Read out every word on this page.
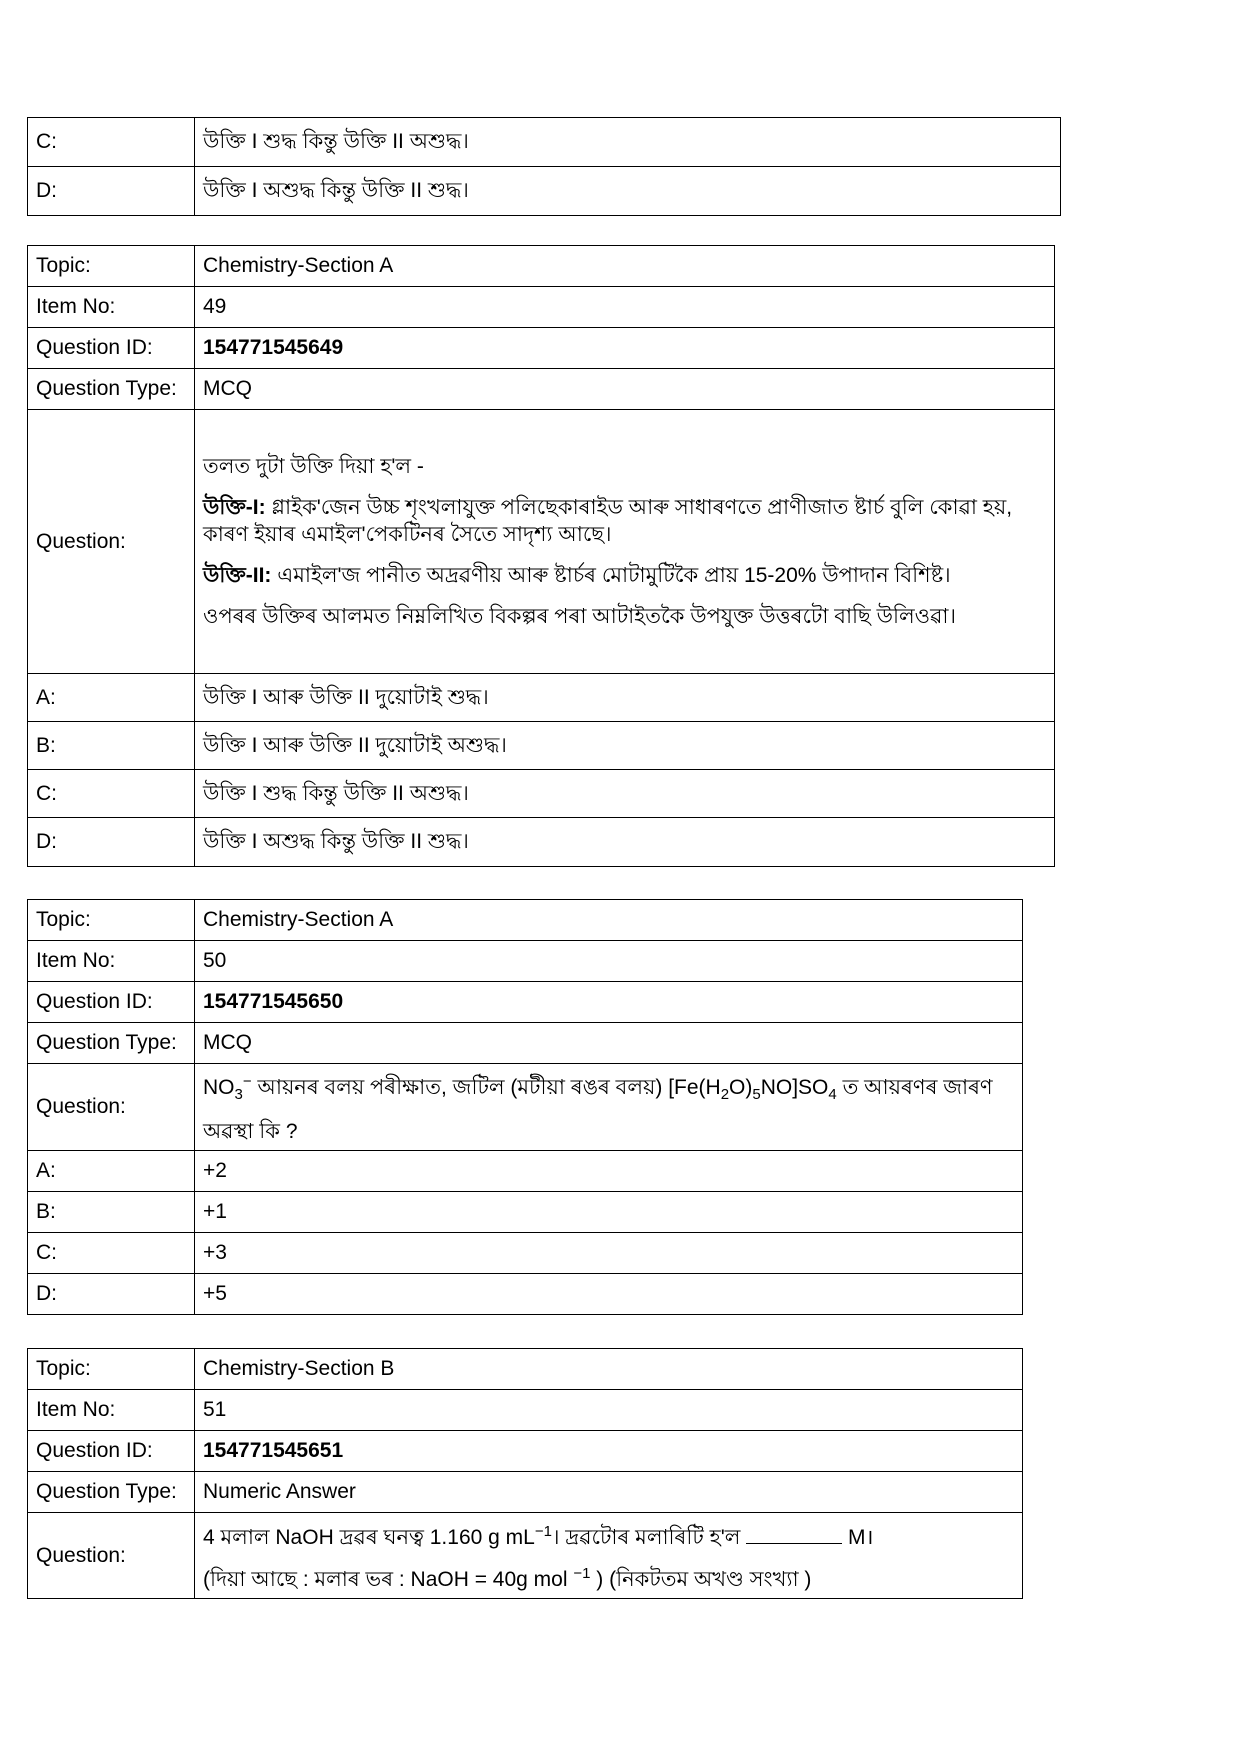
C:	উক্তি I শুদ্ধ কিন্তু উক্তি II অশুদ্ধ।
D:	উক্তি I অশুদ্ধ কিন্তু উক্তি II শুদ্ধ।
Topic:	Chemistry-Section A
Item No:	49
Question ID:	154771545649
Question Type:	MCQ
Question:	তলত দুটা উক্তি দিয়া হ'ল -

উক্তি-I: গ্লাইক'জেন উচ্চ শৃংখলাযুক্ত পলিছেকাৰাইড আৰু সাধাৰণতে প্ৰাণীজাত ষ্টাৰ্চ বুলি কোৱা হয়, কাৰণ ইয়াৰ এমাইল'পেকটিনৰ সৈতে সাদৃশ্য আছে।

উক্তি-II: এমাইল'জ পানীত অদ্ৰৱণীয় আৰু ষ্টাৰ্চৰ মোটামুটিকৈ প্ৰায় 15-20% উপাদান বিশিষ্ট।

ওপৰৰ উক্তিৰ আলমত নিম্নলিখিত বিকল্পৰ পৰা আটাইতকৈ উপযুক্ত উত্তৰটো বাছি উলিওৱা।

A:	উক্তি I আৰু উক্তি II দুয়োটাই শুদ্ধ।
B:	উক্তি I আৰু উক্তি II দুয়োটাই অশুদ্ধ।
C:	উক্তি I শুদ্ধ কিন্তু উক্তি II অশুদ্ধ।
D:	উক্তি I অশুদ্ধ কিন্তু উক্তি II শুদ্ধ।
Topic:	Chemistry-Section A
Item No:	50
Question ID:	154771545650
Question Type:	MCQ
Question:	$NO_3^-$ আয়নৰ বলয় পৰীক্ষাত, জটিল (মটীয়া ৰঙৰ বলয়) $[Fe(H_2O)_5NO]SO_4$ ত আয়ৰণৰ জাৰণ অৱস্থা কি ?
A:	+2
B:	+1
C:	+3
D:	+5
Topic:	Chemistry-Section B
Item No:	51
Question ID:	154771545651
Question Type:	Numeric Answer
Question:	4 মলাল NaOH দ্ৰৱৰ ঘনত্ব 1.160 g $mL^{-1}।$ দ্ৰৱটোৰ মলাৰিটি হ'ল M।
(দিয়া আছে : মলাৰ ভৰ : NaOH = 40g mol $^{-1}$ ) (নিকটতম অখণ্ড সংখ্যা )
